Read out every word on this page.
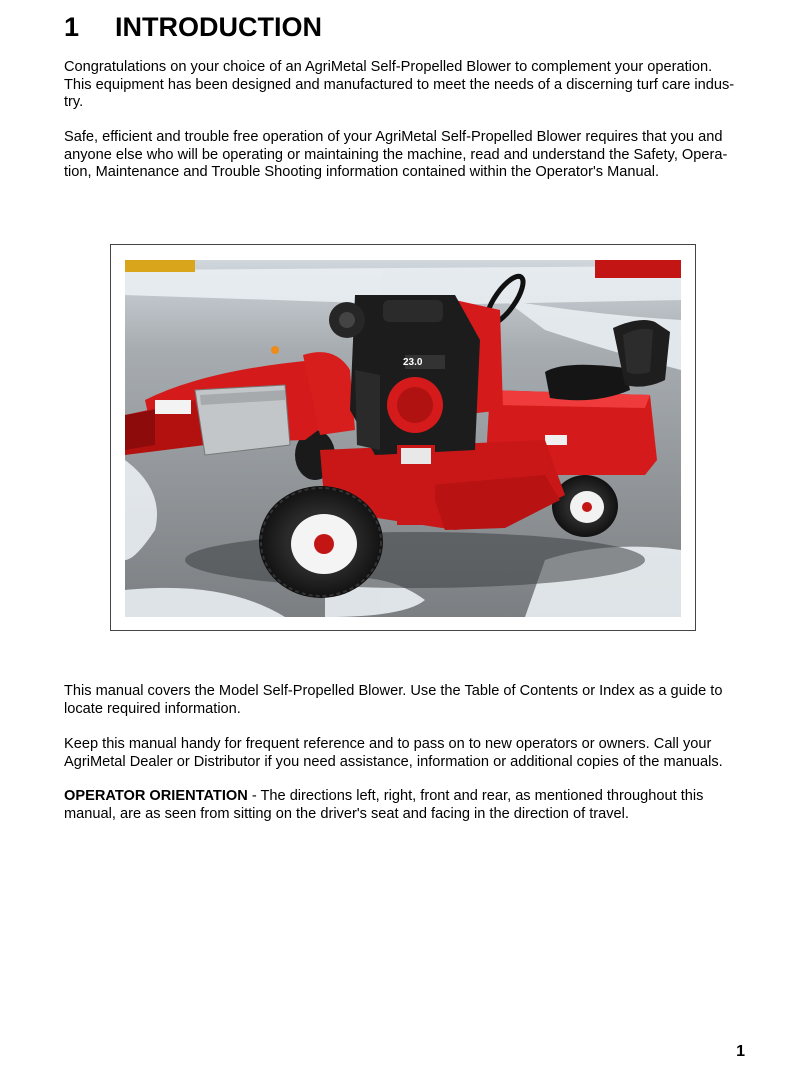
1 INTRODUCTION

Congratulations on your choice of an AgriMetal Self-Propelled Blower to complement your operation.
This equipment has been designed and manufactured to meet the needs of a discerning turf care indus-
try.

Safe, efficient and trouble free operation of your AgriMetal Self-Propelled Blower requires that you and
anyone else who will be operating or maintaining the machine, read and understand the Safety, Opera-
tion, Maintenance and Trouble Shooting information contained within the Operator's Manual.

23.0

This manual covers the Model Self-Propelled Blower. Use the Table of Contents or Index as a guide to
locate required information.

Keep this manual handy for frequent reference and to pass on to new operators or owners. Call your
AgriMetal Dealer or Distributor if you need assistance, information or additional copies of the manuals.

OPERATOR ORIENTATION - The directions left, right, front and rear, as mentioned throughout this
manual, are as seen from sitting on the driver's seat and facing in the direction of travel.

1
